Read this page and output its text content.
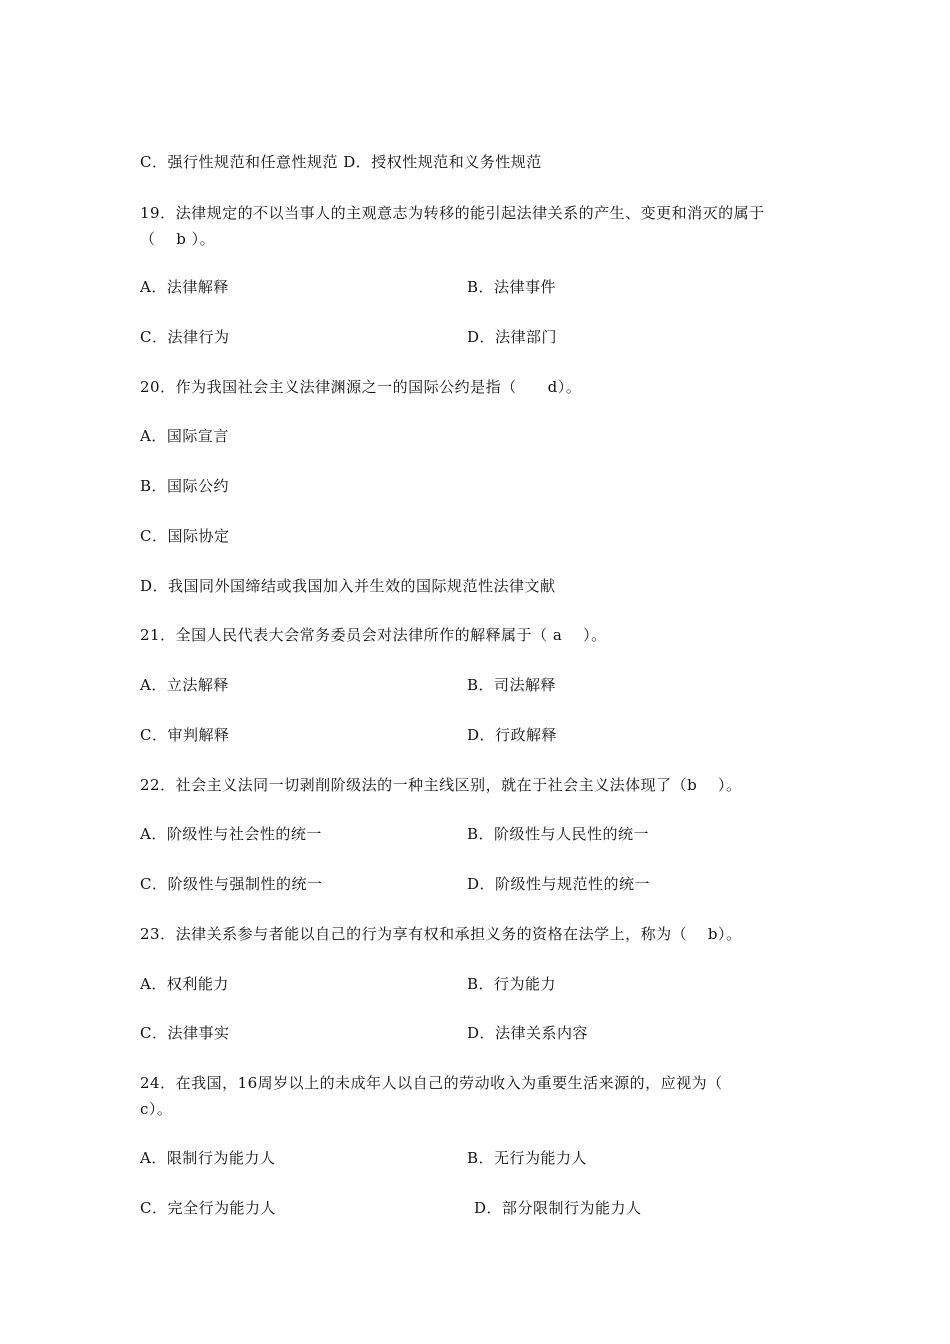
C．强行性规范和任意性规范 D．授权性规范和义务性规范
19．法律规定的不以当事人的主观意志为转移的能引起法律关系的产生、变更和消灭的属于
（　 b ）。
A．法律解释	B．法律事件
C．法律行为	D．法律部门
20．作为我国社会主义法律渊源之一的国际公约是指（　　d）。
A．国际宣言
B．国际公约
C．国际协定
D．我国同外国缔结或我国加入并生效的国际规范性法律文献
21．全国人民代表大会常务委员会对法律所作的解释属于（ a　 ）。
A．立法解释	B．司法解释
C．审判解释	D．行政解释
22．社会主义法同一切剥削阶级法的一种主线区别，就在于社会主义法体现了（b　 ）。
A．阶级性与社会性的统一	B．阶级性与人民性的统一
C．阶级性与强制性的统一	D．阶级性与规范性的统一
23．法律关系参与者能以自己的行为享有权和承担义务的资格在法学上，称为（　 b）。
A．权利能力	B．行为能力
C．法律事实	D．法律关系内容
24．在我国，16周岁以上的未成年人以自己的劳动收入为重要生活来源的，应视为（
c）。
A．限制行为能力人	B．无行为能力人
C．完全行为能力人	D．部分限制行为能力人
